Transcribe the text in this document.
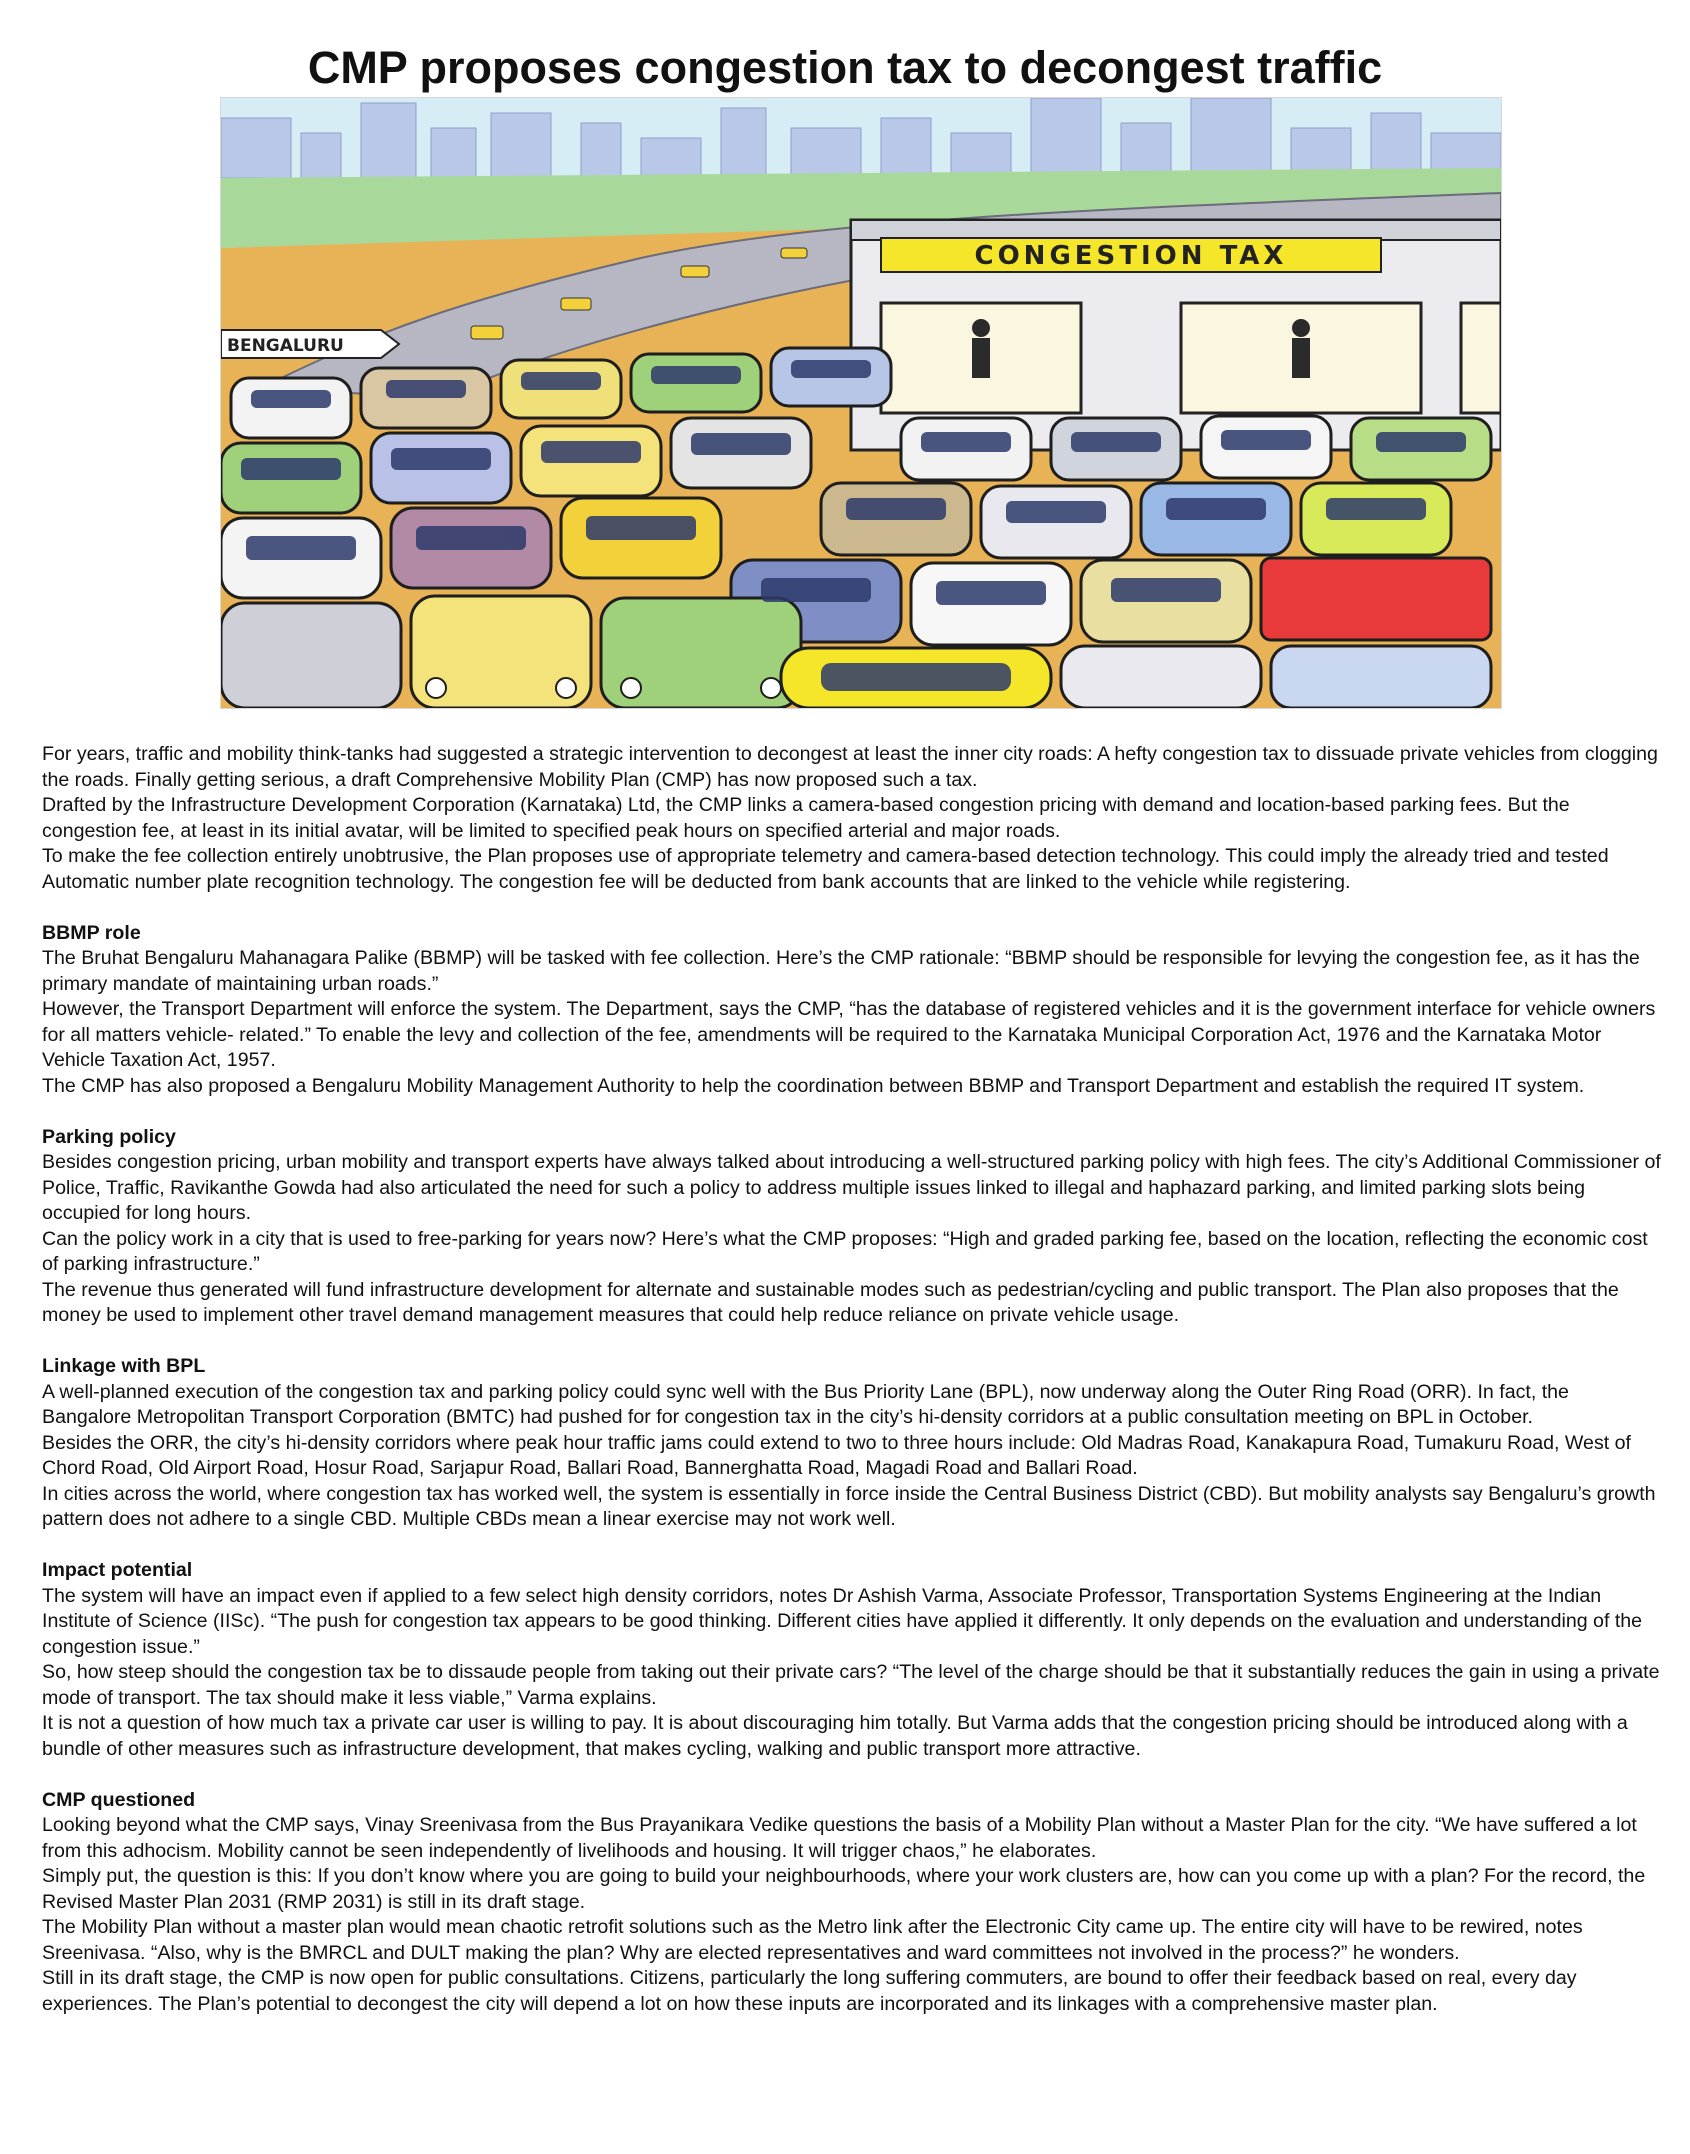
CMP proposes congestion tax to decongest traffic
BENGALURU
CONGESTION TAX

For years, traffic and mobility think-tanks had suggested a strategic intervention to decongest at least the inner city roads: A hefty congestion tax to dissuade private vehicles from clogging the roads. Finally getting serious, a draft Comprehensive Mobility Plan (CMP) has now proposed such a tax.

Drafted by the Infrastructure Development Corporation (Karnataka) Ltd, the CMP links a camera-based congestion pricing with demand and location-based parking fees. But the congestion fee, at least in its initial avatar, will be limited to specified peak hours on specified arterial and major roads.

To make the fee collection entirely unobtrusive, the Plan proposes use of appropriate telemetry and camera-based detection technology. This could imply the already tried and tested Automatic number plate recognition technology. The congestion fee will be deducted from bank accounts that are linked to the vehicle while registering.

BBMP role

The Bruhat Bengaluru Mahanagara Palike (BBMP) will be tasked with fee collection. Here’s the CMP rationale: “BBMP should be responsible for levying the congestion fee, as it has the primary mandate of maintaining urban roads.”

However, the Transport Department will enforce the system. The Department, says the CMP, “has the database of registered vehicles and it is the government interface for vehicle owners for all matters vehicle- related.” To enable the levy and collection of the fee, amendments will be required to the Karnataka Municipal Corporation Act, 1976 and the Karnataka Motor Vehicle Taxation Act, 1957.

The CMP has also proposed a Bengaluru Mobility Management Authority to help the coordination between BBMP and Transport Department and establish the required IT system.

Parking policy

Besides congestion pricing, urban mobility and transport experts have always talked about introducing a well-structured parking policy with high fees. The city’s Additional Commissioner of Police, Traffic, Ravikanthe Gowda had also articulated the need for such a policy to address multiple issues linked to illegal and haphazard parking, and limited parking slots being occupied for long hours.

Can the policy work in a city that is used to free-parking for years now? Here’s what the CMP proposes: “High and graded parking fee, based on the location, reflecting the economic cost of parking infrastructure.”

The revenue thus generated will fund infrastructure development for alternate and sustainable modes such as pedestrian/cycling and public transport. The Plan also proposes that the money be used to implement other travel demand management measures that could help reduce reliance on private vehicle usage.

Linkage with BPL

A well-planned execution of the congestion tax and parking policy could sync well with the Bus Priority Lane (BPL), now underway along the Outer Ring Road (ORR). In fact, the Bangalore Metropolitan Transport Corporation (BMTC) had pushed for for congestion tax in the city’s hi-density corridors at a public consultation meeting on BPL in October.

Besides the ORR, the city’s hi-density corridors where peak hour traffic jams could extend to two to three hours include: Old Madras Road, Kanakapura Road, Tumakuru Road, West of Chord Road, Old Airport Road, Hosur Road, Sarjapur Road, Ballari Road, Bannerghatta Road, Magadi Road and Ballari Road.

In cities across the world, where congestion tax has worked well, the system is essentially in force inside the Central Business District (CBD). But mobility analysts say Bengaluru’s growth pattern does not adhere to a single CBD. Multiple CBDs mean a linear exercise may not work well.

Impact potential

The system will have an impact even if applied to a few select high density corridors, notes Dr Ashish Varma, Associate Professor, Transportation Systems Engineering at the Indian Institute of Science (IISc). “The push for congestion tax appears to be good thinking. Different cities have applied it differently. It only depends on the evaluation and understanding of the congestion issue.”

So, how steep should the congestion tax be to dissaude people from taking out their private cars? “The level of the charge should be that it substantially reduces the gain in using a private mode of transport. The tax should make it less viable,” Varma explains.

It is not a question of how much tax a private car user is willing to pay. It is about discouraging him totally. But Varma adds that the congestion pricing should be introduced along with a bundle of other measures such as infrastructure development, that makes cycling, walking and public transport more attractive.

CMP questioned

Looking beyond what the CMP says, Vinay Sreenivasa from the Bus Prayanikara Vedike questions the basis of a Mobility Plan without a Master Plan for the city. “We have suffered a lot from this adhocism. Mobility cannot be seen independently of livelihoods and housing. It will trigger chaos,” he elaborates.

Simply put, the question is this: If you don’t know where you are going to build your neighbourhoods, where your work clusters are, how can you come up with a plan? For the record, the Revised Master Plan 2031 (RMP 2031) is still in its draft stage.

The Mobility Plan without a master plan would mean chaotic retrofit solutions such as the Metro link after the Electronic City came up. The entire city will have to be rewired, notes Sreenivasa. “Also, why is the BMRCL and DULT making the plan? Why are elected representatives and ward committees not involved in the process?” he wonders.

Still in its draft stage, the CMP is now open for public consultations. Citizens, particularly the long suffering commuters, are bound to offer their feedback based on real, every day experiences. The Plan’s potential to decongest the city will depend a lot on how these inputs are incorporated and its linkages with a comprehensive master plan.
